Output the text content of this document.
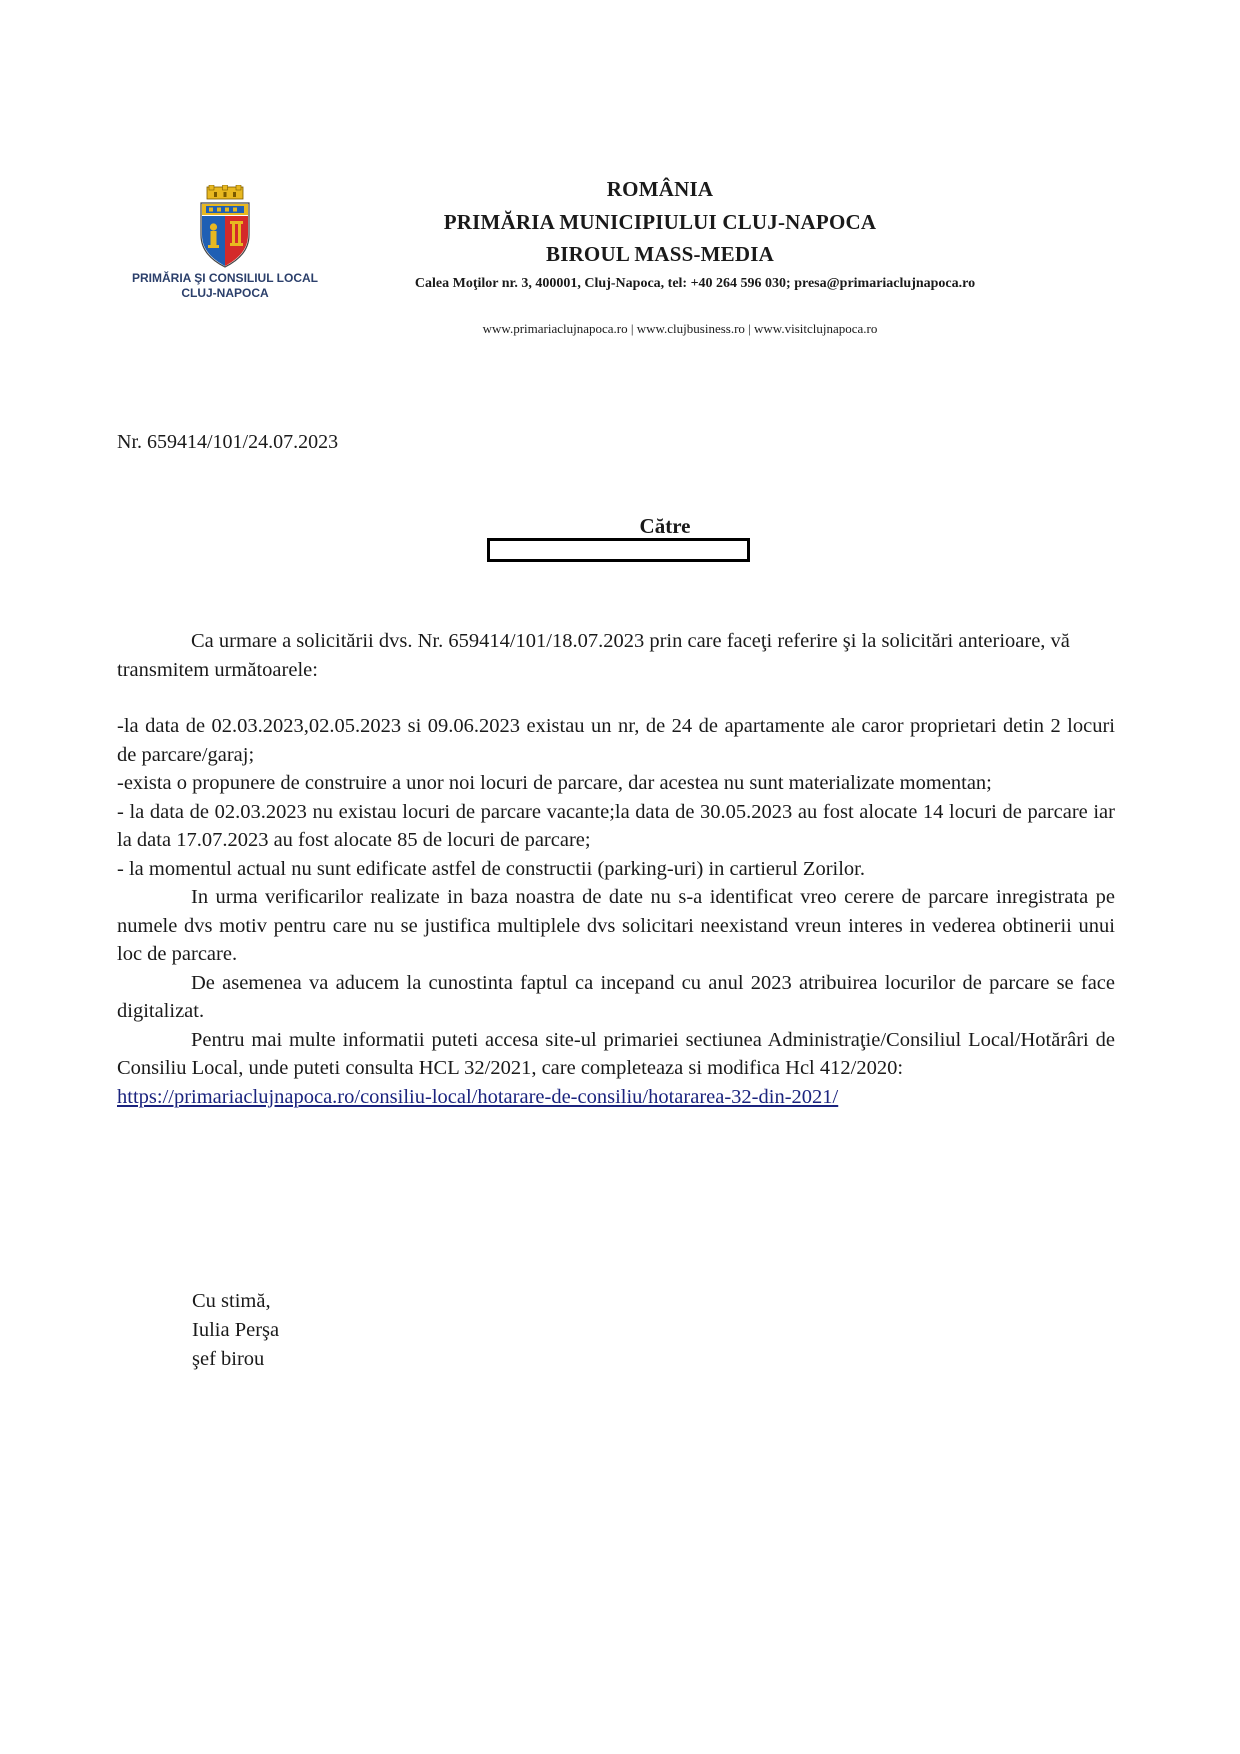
PRIMĂRIA ŞI CONSILIUL LOCAL
CLUJ-NAPOCA
ROMÂNIA
PRIMĂRIA MUNICIPIULUI CLUJ-NAPOCA
BIROUL MASS-MEDIA
Calea Moţilor nr. 3, 400001, Cluj-Napoca, tel: +40 264 596 030; presa@primariaclujnapoca.ro
www.primariaclujnapoca.ro | www.clujbusiness.ro | www.visitclujnapoca.ro
Nr. 659414/101/24.07.2023
Către

Ca urmare a solicitării dvs. Nr. 659414/101/18.07.2023 prin care faceţi referire şi la solicitări anterioare, vă transmitem următoarele:

-la data de 02.03.2023,02.05.2023 si 09.06.2023 existau un nr, de 24 de apartamente ale caror proprietari detin 2 locuri de parcare/garaj;

-exista o propunere de construire a unor noi locuri de parcare, dar acestea nu sunt materializate momentan;

- la data de 02.03.2023 nu existau locuri de parcare vacante;la data de 30.05.2023 au fost alocate 14 locuri de parcare iar la data 17.07.2023 au fost alocate 85 de locuri de parcare;

- la momentul actual nu sunt edificate astfel de constructii (parking-uri) in cartierul Zorilor.

In urma verificarilor realizate in baza noastra de date nu s-a identificat vreo cerere de parcare inregistrata pe numele dvs motiv pentru care nu se justifica multiplele dvs solicitari neexistand vreun interes in vederea obtinerii unui loc de parcare.

De asemenea va aducem la cunostinta faptul ca incepand cu anul 2023 atribuirea locurilor de parcare se face digitalizat.

Pentru mai multe informatii puteti accesa site-ul primariei sectiunea Administraţie/Consiliul Local/Hotărâri de Consiliu Local, unde puteti consulta HCL 32/2021, care completeaza si modifica Hcl 412/2020:

https://primariaclujnapoca.ro/consiliu-local/hotarare-de-consiliu/hotararea-32-din-2021/

Cu stimă,
Iulia Perşa
şef birou
